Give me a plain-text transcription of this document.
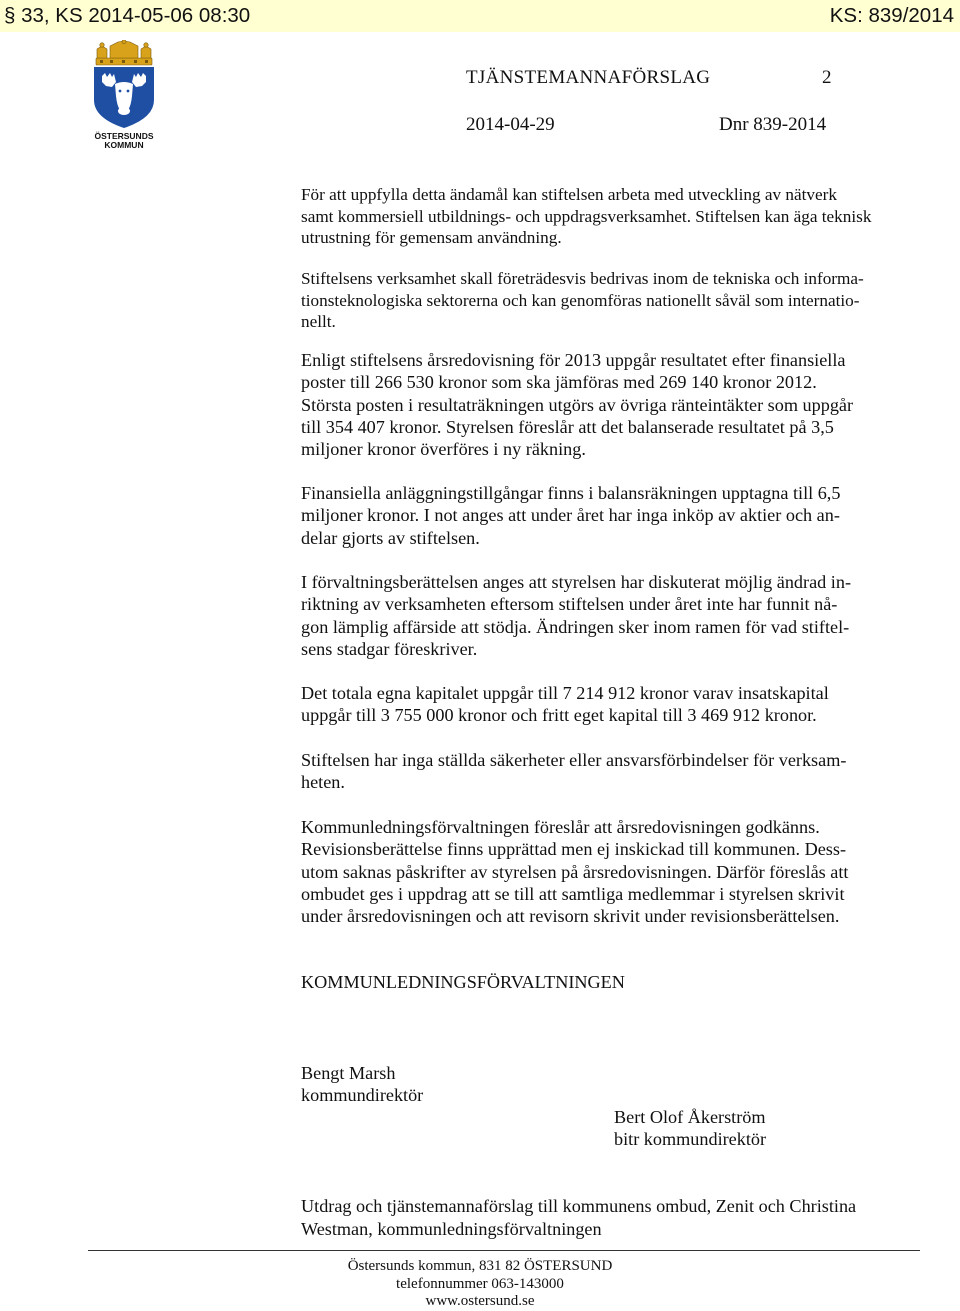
§ 33, KS 2014-05-06 08:30	KS: 839/2014
ÖSTERSUNDS
KOMMUN
TJÄNSTEMANNAFÖRSLAG	2
2014-04-29	Dnr 839-2014
För att uppfylla detta ändamål kan stiftelsen arbeta med utveckling av nätverk
samt kommersiell utbildnings- och uppdragsverksamhet. Stiftelsen kan äga teknisk
utrustning för gemensam användning.
Stiftelsens verksamhet skall företrädesvis bedrivas inom de tekniska och informa-
tionsteknologiska sektorerna och kan genomföras nationellt såväl som internatio-
nellt.
Enligt stiftelsens årsredovisning för 2013 uppgår resultatet efter finansiella
poster till 266 530 kronor som ska jämföras med 269 140 kronor 2012.
Största posten i resultaträkningen utgörs av övriga ränteintäkter som uppgår
till 354 407 kronor. Styrelsen föreslår att det balanserade resultatet på 3,5
miljoner kronor överföres i ny räkning.
Finansiella anläggningstillgångar finns i balansräkningen upptagna till 6,5
miljoner kronor. I not anges att under året har inga inköp av aktier och an-
delar gjorts av stiftelsen.
I förvaltningsberättelsen anges att styrelsen har diskuterat möjlig ändrad in-
riktning av verksamheten eftersom stiftelsen under året inte har funnit nå-
gon lämplig affärside att stödja. Ändringen sker inom ramen för vad stiftel-
sens stadgar föreskriver.
Det totala egna kapitalet uppgår till 7 214 912 kronor varav insatskapital
uppgår till 3 755 000 kronor och fritt eget kapital till 3 469 912 kronor.
Stiftelsen har inga ställda säkerheter eller ansvarsförbindelser för verksam-
heten.
Kommunledningsförvaltningen föreslår att årsredovisningen godkänns.
Revisionsberättelse finns upprättad men ej inskickad till kommunen. Dess-
utom saknas påskrifter av styrelsen på årsredovisningen. Därför föreslås att
ombudet ges i uppdrag att se till att samtliga medlemmar i styrelsen skrivit
under årsredovisningen och att revisorn skrivit under revisionsberättelsen.
KOMMUNLEDNINGSFÖRVALTNINGEN
Bengt Marsh
kommundirektör
Bert Olof Åkerström
bitr kommundirektör
Utdrag och tjänstemannaförslag till kommunens ombud, Zenit och Christina
Westman, kommunledningsförvaltningen
Östersunds kommun, 831 82 ÖSTERSUND
telefonnummer 063-143000
www.ostersund.se
